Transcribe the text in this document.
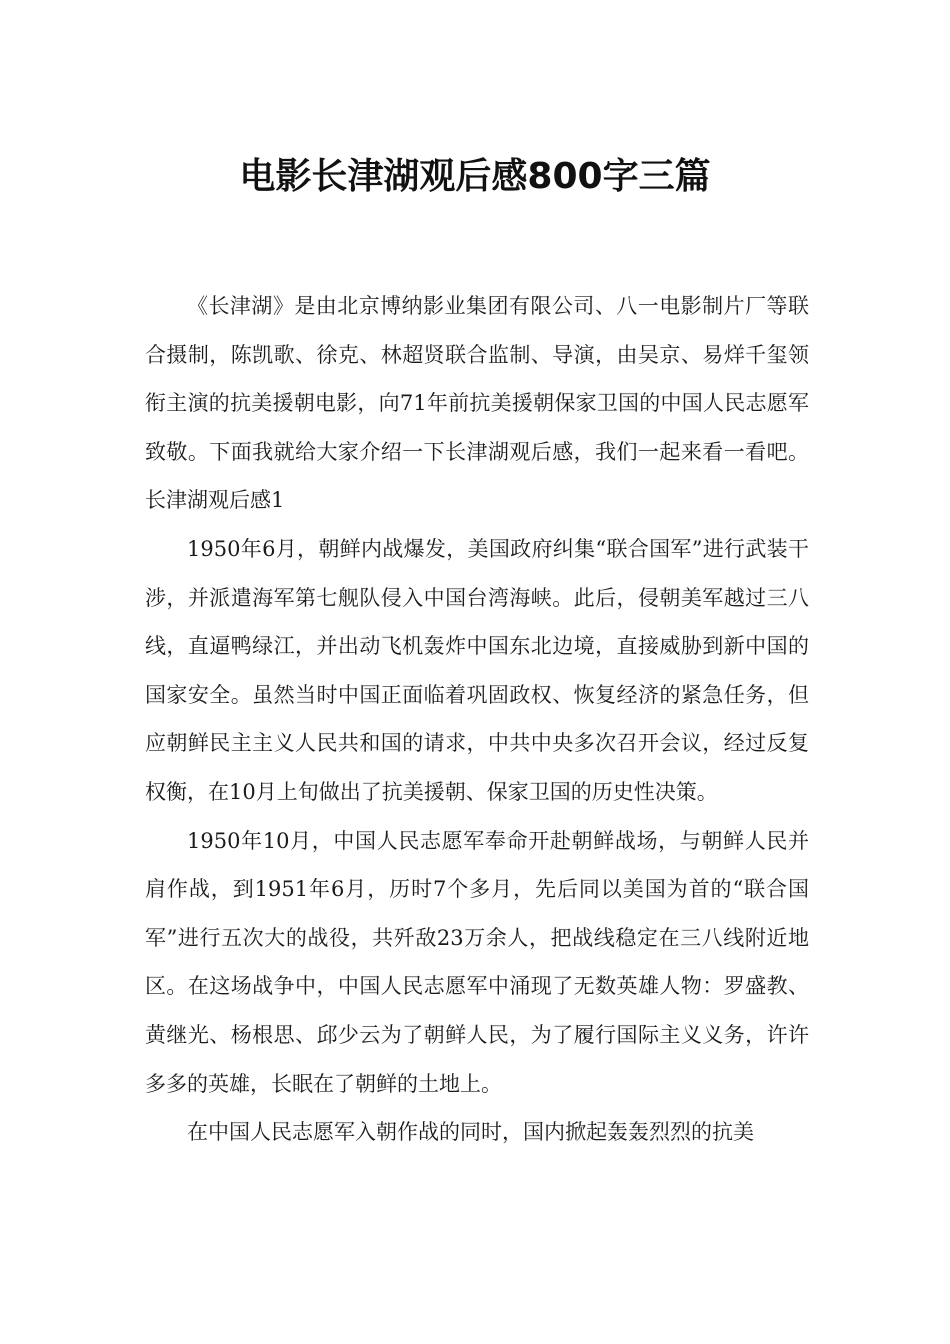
电影长津湖观后感800字三篇

《长津湖》是由北京博纳影业集团有限公司、八一电影制片厂等联合摄制，陈凯歌、徐克、林超贤联合监制、导演，由吴京、易烊千玺领衔主演的抗美援朝电影，向71年前抗美援朝保家卫国的中国人民志愿军致敬。下面我就给大家介绍一下长津湖观后感，我们一起来看一看吧。长津湖观后感1

1950年6月，朝鲜内战爆发，美国政府纠集“联合国军”进行武装干涉，并派遣海军第七舰队侵入中国台湾海峡。此后，侵朝美军越过三八线，直逼鸭绿江，并出动飞机轰炸中国东北边境，直接威胁到新中国的国家安全。虽然当时中国正面临着巩固政权、恢复经济的紧急任务，但应朝鲜民主主义人民共和国的请求，中共中央多次召开会议，经过反复权衡，在10月上旬做出了抗美援朝、保家卫国的历史性决策。

1950年10月，中国人民志愿军奉命开赴朝鲜战场，与朝鲜人民并肩作战，到1951年6月，历时7个多月，先后同以美国为首的“联合国军”进行五次大的战役，共歼敌23万余人，把战线稳定在三八线附近地区。在这场战争中，中国人民志愿军中涌现了无数英雄人物：罗盛教、黄继光、杨根思、邱少云为了朝鲜人民，为了履行国际主义义务，许许多多的英雄，长眠在了朝鲜的土地上。

在中国人民志愿军入朝作战的同时，国内掀起轰轰烈烈的抗美
